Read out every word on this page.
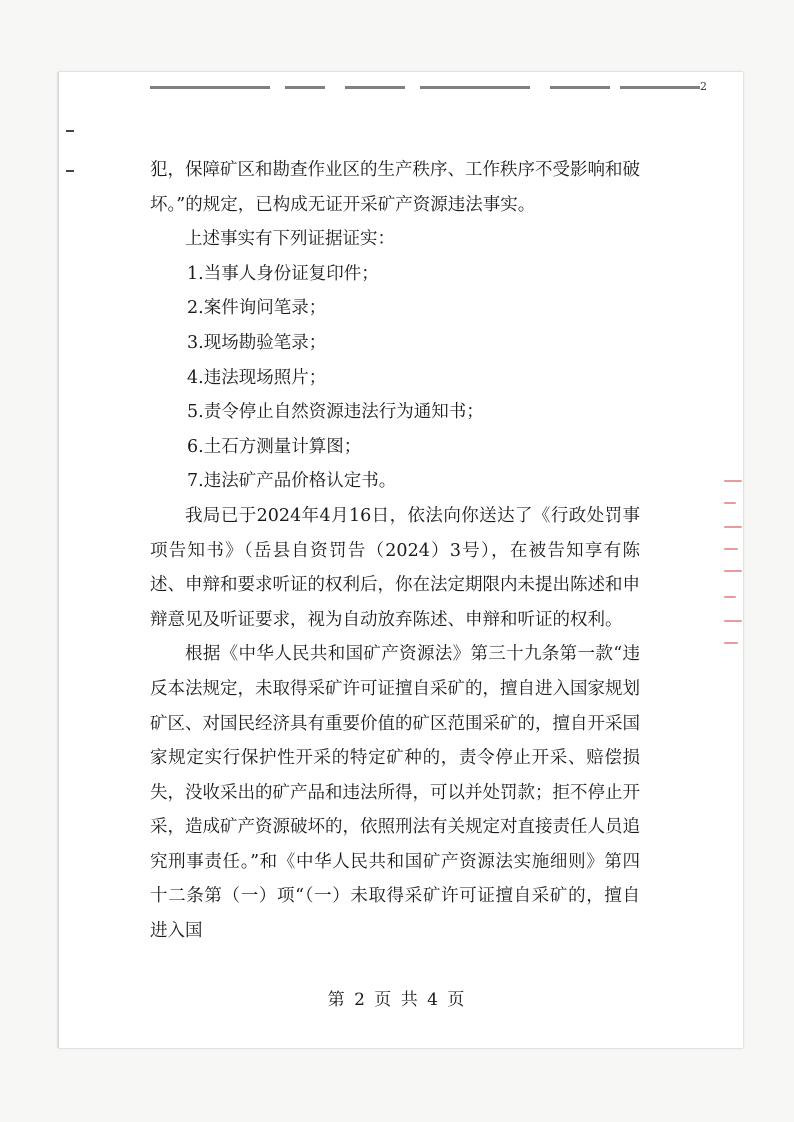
2

犯，保障矿区和勘查作业区的生产秩序、工作秩序不受影响和破坏。”的规定，已构成无证开采矿产资源违法事实。

上述事实有下列证据证实：

1.当事人身份证复印件；

2.案件询问笔录；

3.现场勘验笔录；

4.违法现场照片；

5.责令停止自然资源违法行为通知书；

6.土石方测量计算图；

7.违法矿产品价格认定书。

我局已于2024年4月16日，依法向你送达了《行政处罚事项告知书》（岳县自资罚告（2024）3号），在被告知享有陈述、申辩和要求听证的权利后，你在法定期限内未提出陈述和申辩意见及听证要求，视为自动放弃陈述、申辩和听证的权利。

根据《中华人民共和国矿产资源法》第三十九条第一款“违反本法规定，未取得采矿许可证擅自采矿的，擅自进入国家规划矿区、对国民经济具有重要价值的矿区范围采矿的，擅自开采国家规定实行保护性开采的特定矿种的，责令停止开采、赔偿损失，没收采出的矿产品和违法所得，可以并处罚款；拒不停止开采，造成矿产资源破坏的，依照刑法有关规定对直接责任人员追究刑事责任。”和《中华人民共和国矿产资源法实施细则》第四十二条第（一）项“（一）未取得采矿许可证擅自采矿的，擅自进入国

第 2 页 共 4 页
